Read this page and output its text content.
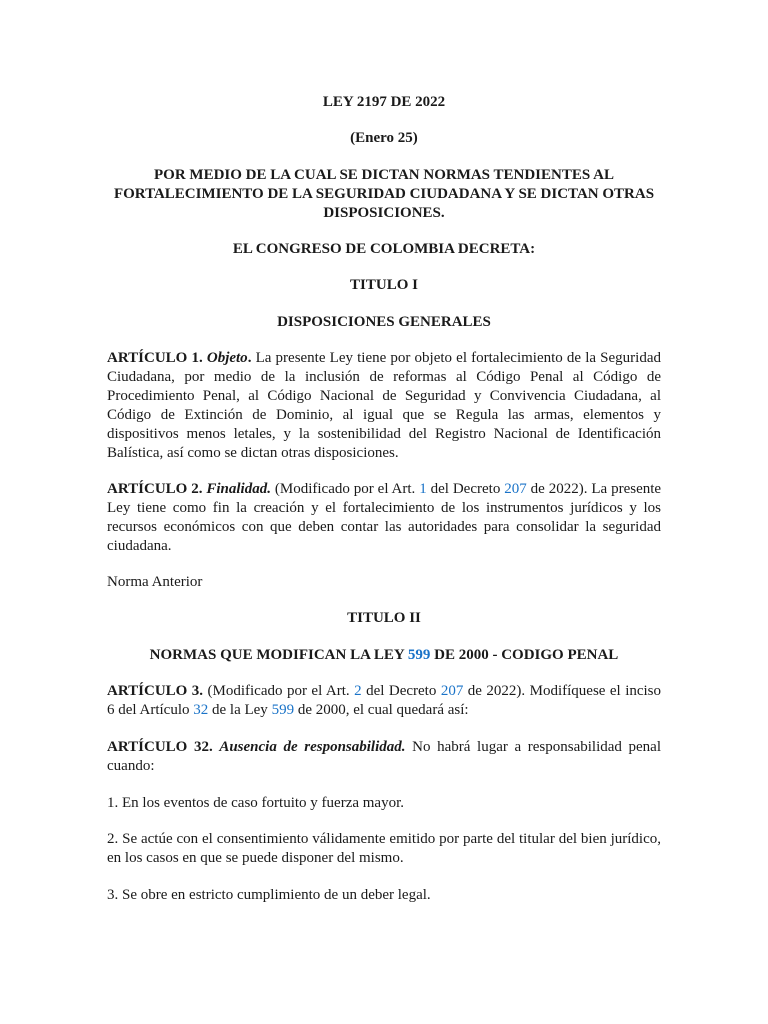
LEY 2197 DE 2022

(Enero 25)

POR MEDIO DE LA CUAL SE DICTAN NORMAS TENDIENTES AL FORTALECIMIENTO DE LA SEGURIDAD CIUDADANA Y SE DICTAN OTRAS DISPOSICIONES.

EL CONGRESO DE COLOMBIA DECRETA:

TITULO I

DISPOSICIONES GENERALES

ARTÍCULO 1. Objeto. La presente Ley tiene por objeto el fortalecimiento de la Seguridad Ciudadana, por medio de la inclusión de reformas al Código Penal al Código de Procedimiento Penal, al Código Nacional de Seguridad y Convivencia Ciudadana, al Código de Extinción de Dominio, al igual que se Regula las armas, elementos y dispositivos menos letales, y la sostenibilidad del Registro Nacional de Identificación Balística, así como se dictan otras disposiciones.

ARTÍCULO 2. Finalidad. (Modificado por el Art. 1 del Decreto 207 de 2022). La presente Ley tiene como fin la creación y el fortalecimiento de los instrumentos jurídicos y los recursos económicos con que deben contar las autoridades para consolidar la seguridad ciudadana.

Norma Anterior

TITULO II

NORMAS QUE MODIFICAN LA LEY 599 DE 2000 - CODIGO PENAL

ARTÍCULO 3. (Modificado por el Art. 2 del Decreto 207 de 2022). Modifíquese el inciso 6 del Artículo 32 de la Ley 599 de 2000, el cual quedará así:

ARTÍCULO 32. Ausencia de responsabilidad. No habrá lugar a responsabilidad penal cuando:

1. En los eventos de caso fortuito y fuerza mayor.

2. Se actúe con el consentimiento válidamente emitido por parte del titular del bien jurídico, en los casos en que se puede disponer del mismo.

3. Se obre en estricto cumplimiento de un deber legal.
